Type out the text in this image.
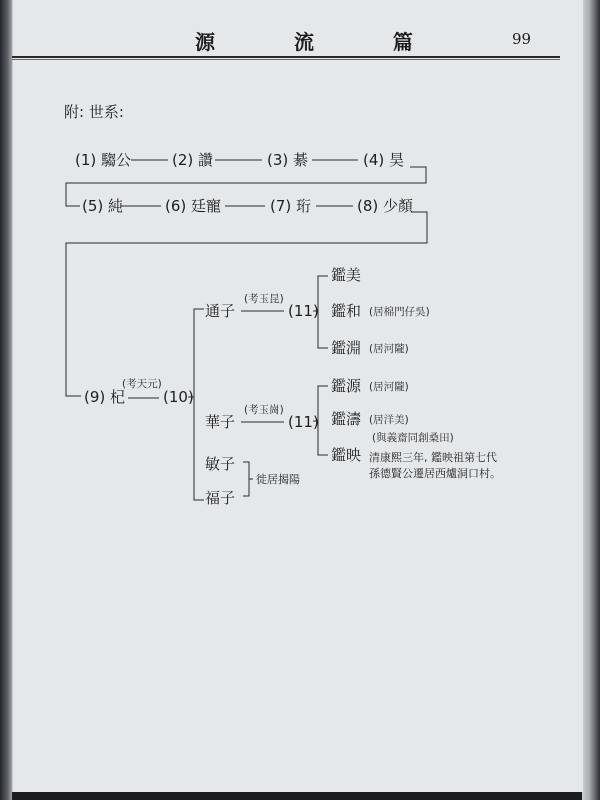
源 流 篇	99
附: 世系:
(1) 騶公	(2) 讚	(3) 綦	(4) 昊
(5) 純	(6) 廷寵	(7) 珩	(8) 少顏
(9) 杞
(考天元)
(10)
通子
(考玉昆)
(11)
華子
(考玉崗)
(11)
敏子
福子
徙居揭陽
鑑美
鑑和 (居棉門仔吳)
鑑淵 (居河隴)
鑑源 (居河隴)
鑑濤 (居洋美)
(與義齋同創桑田)
鑑映 清康熙三年, 鑑映祖第七代
孫德賢公遷居西爐洞口村。
